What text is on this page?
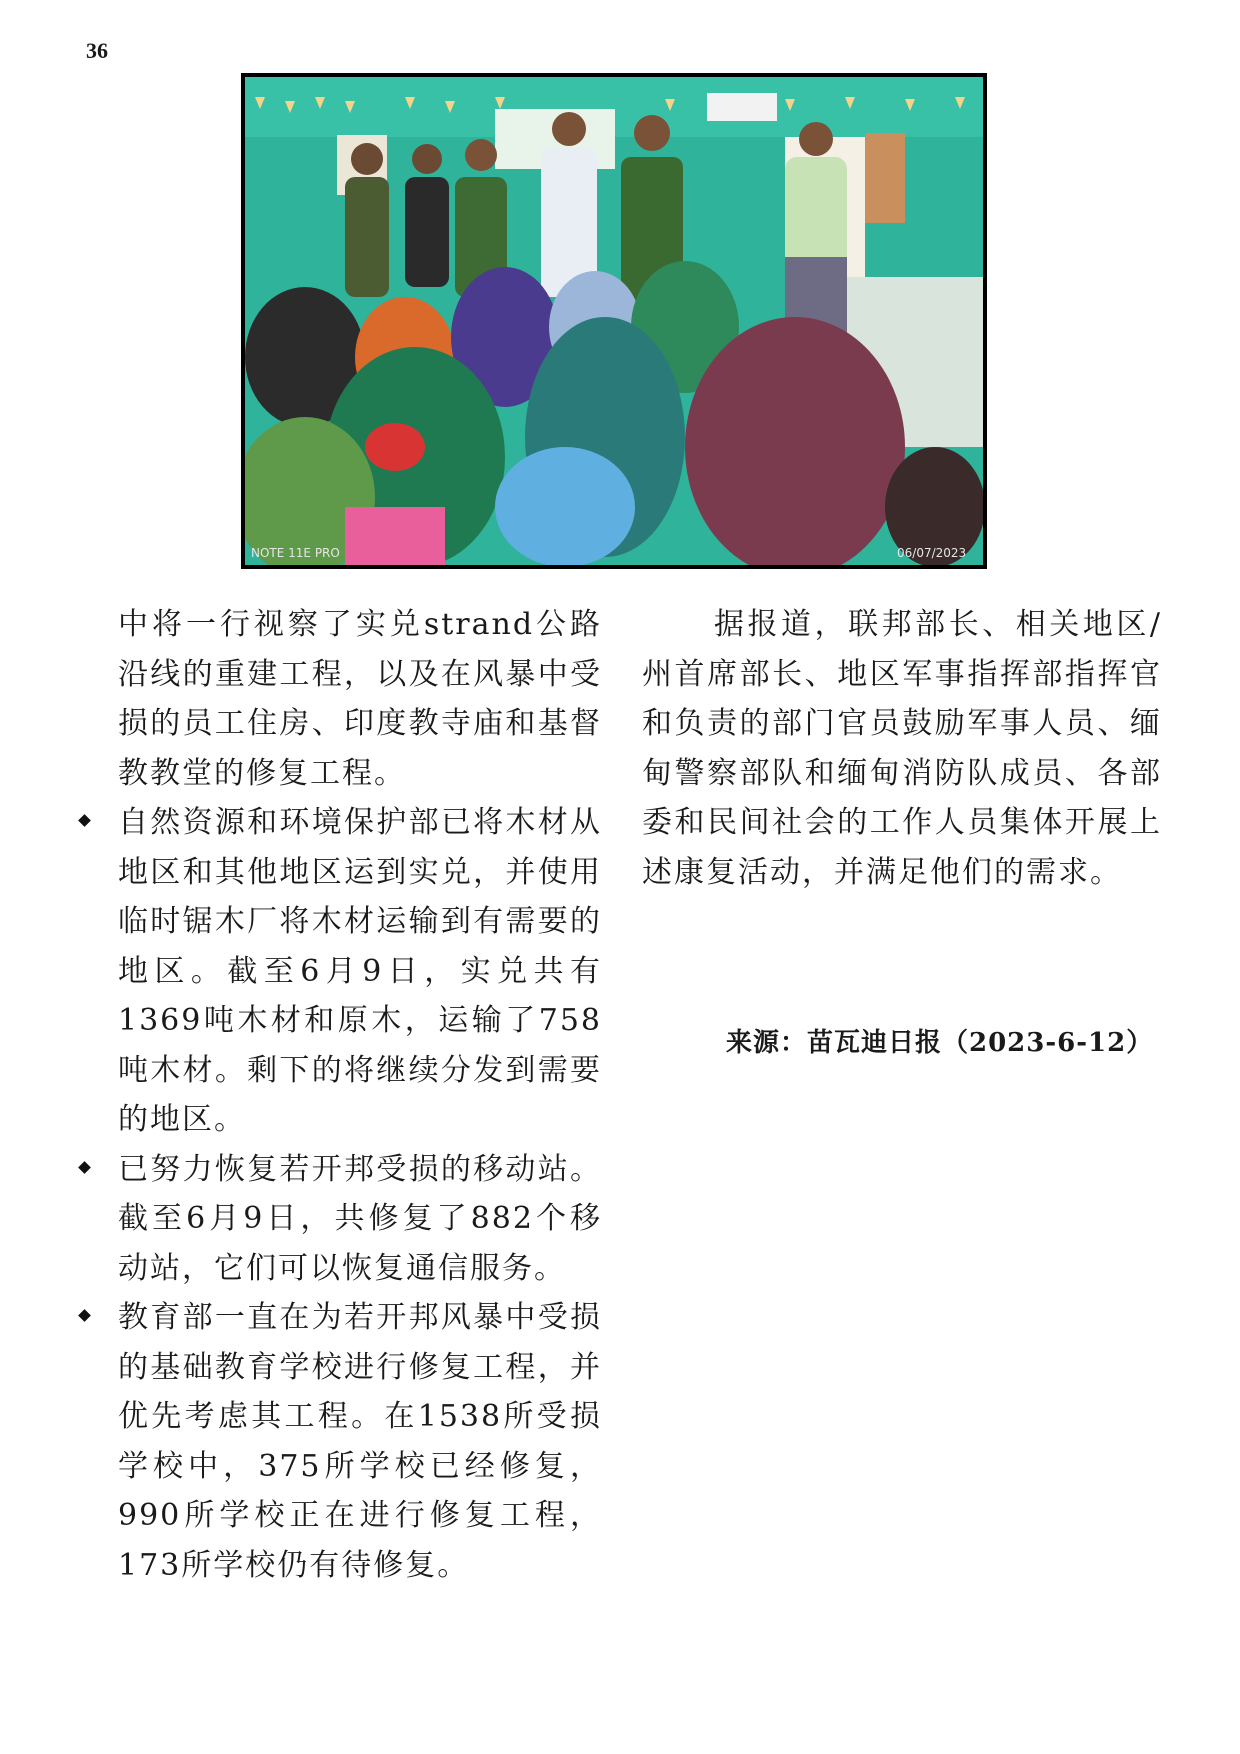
36
NOTE 11E PRO	06/07/2023

中将一行视察了实兑strand公路沿线的重建工程，以及在风暴中受损的员工住房、印度教寺庙和基督教教堂的修复工程。

自然资源和环境保护部已将木材从地区和其他地区运到实兑，并使用临时锯木厂将木材运输到有需要的地区。截至6月9日，实兑共有1369吨木材和原木，运输了758吨木材。剩下的将继续分发到需要的地区。
已努力恢复若开邦受损的移动站。截至6月9日，共修复了882个移动站，它们可以恢复通信服务。
教育部一直在为若开邦风暴中受损的基础教育学校进行修复工程，并优先考虑其工程。在1538所受损学校中，375所学校已经修复，990所学校正在进行修复工程，173所学校仍有待修复。

据报道，联邦部长、相关地区/州首席部长、地区军事指挥部指挥官和负责的部门官员鼓励军事人员、缅甸警察部队和缅甸消防队成员、各部委和民间社会的工作人员集体开展上述康复活动，并满足他们的需求。

来源：苗瓦迪日报（2023-6-12）
